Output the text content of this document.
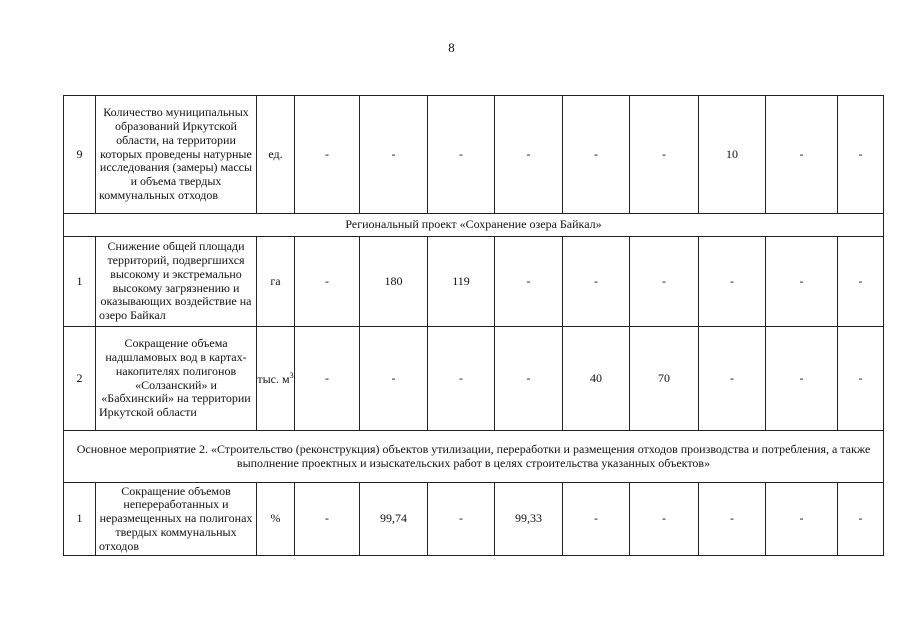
8
9	Количество муниципальных образований Иркутской области, на территории которых проведены натурные исследования (замеры) массы и объема твердых коммунальных отходов	ед.	-	-	-	-	-	-	10	-	-
Региональный проект «Сохранение озера Байкал»											
1	Снижение общей площади территорий, подвергшихся высокому и экстремально высокому загрязнению и оказывающих воздействие на озеро Байкал	га	-	180	119	-	-	-	-	-	-
2	Сокращение объема надшламовых вод в картах-накопителях полигонов «Солзанский» и «Бабхинский» на территории Иркутской области	тыс. $м^3$	-	-	-	-	40	70	-	-	-
Основное мероприятие 2. «Строительство (реконструкция) объектов утилизации, переработки и размещения отходов производства и потребления, а также выполнение проектных и изыскательских работ в целях строительства указанных объектов»											
1	Сокращение объемов непереработанных и неразмещенных на полигонах твердых коммунальных отходов	%	-	99,74	-	99,33	-	-	-	-	-
